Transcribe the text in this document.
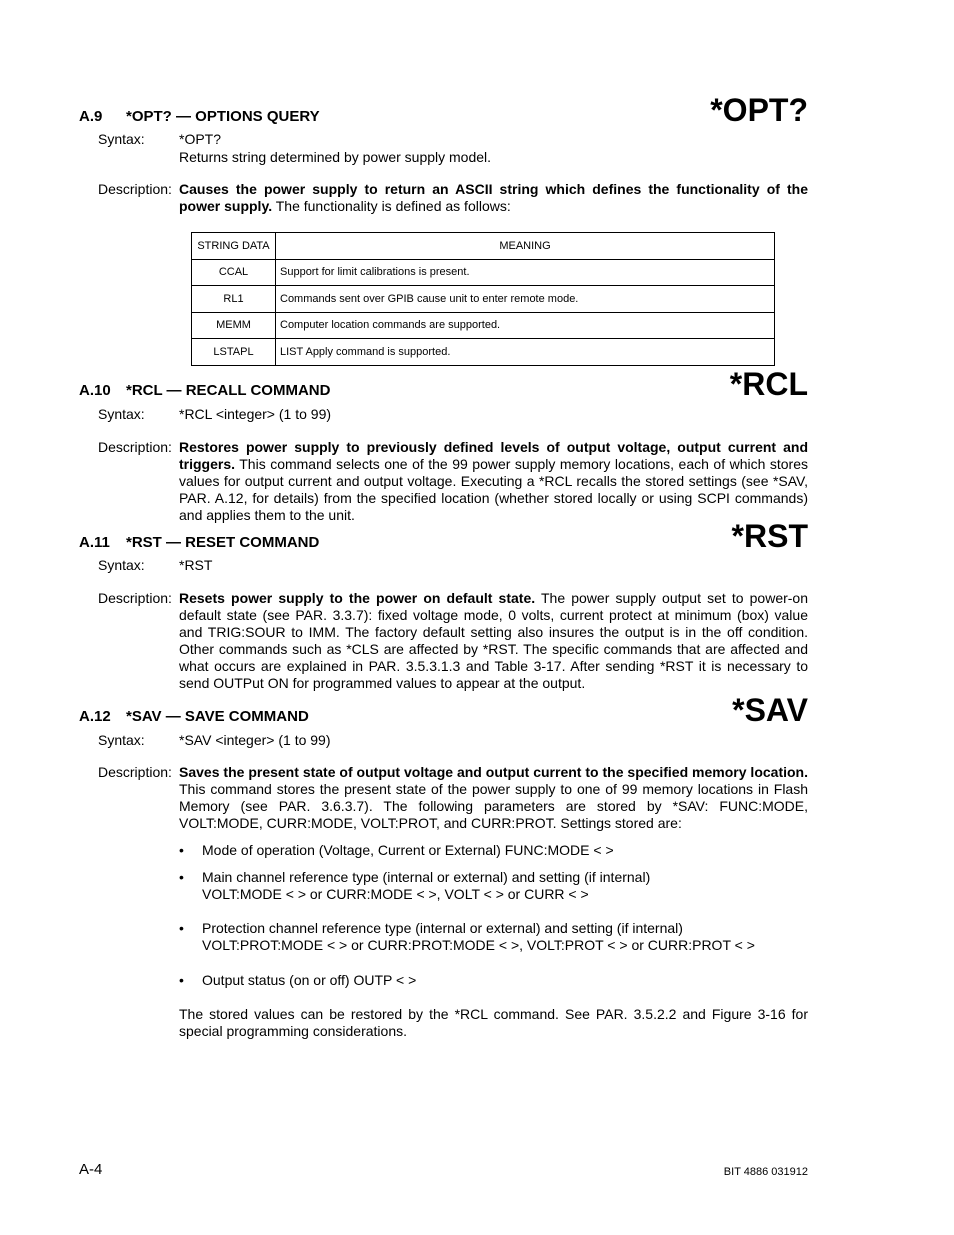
*OPT?
A.9 *OPT? — OPTIONS QUERY
Syntax: *OPT?
Returns string determined by power supply model.
Description: Causes the power supply to return an ASCII string which defines the functionality of the power supply. The functionality is defined as follows:
STRING DATA	MEANING
CCAL	Support for limit calibrations is present.
RL1	Commands sent over GPIB cause unit to enter remote mode.
MEMM	Computer location commands are supported.
LSTAPL	LIST Apply command is supported.
*RCL
A.10 *RCL — RECALL COMMAND
Syntax: *RCL <integer> (1 to 99)
Description: Restores power supply to previously defined levels of output voltage, output current and triggers. This command selects one of the 99 power supply memory locations, each of which stores values for output current and output voltage. Executing a *RCL recalls the stored settings (see *SAV, PAR. A.12, for details) from the specified location (whether stored locally or using SCPI commands) and applies them to the unit.
*RST
A.11 *RST — RESET COMMAND
Syntax: *RST
Description: Resets power supply to the power on default state. The power supply output set to power-on default state (see PAR. 3.3.7): fixed voltage mode, 0 volts, current protect at minimum (box) value and TRIG:SOUR to IMM. The factory default setting also insures the output is in the off condition. Other commands such as *CLS are affected by *RST. The specific commands that are affected and what occurs are explained in PAR. 3.5.3.1.3 and Table 3-17. After sending *RST it is necessary to send OUTPut ON for programmed values to appear at the output.
*SAV
A.12 *SAV — SAVE COMMAND
Syntax: *SAV <integer> (1 to 99)
Description: Saves the present state of output voltage and output current to the specified memory location. This command stores the present state of the power supply to one of 99 memory locations in Flash Memory (see PAR. 3.6.3.7). The following parameters are stored by *SAV: FUNC:MODE, VOLT:MODE, CURR:MODE, VOLT:PROT, and CURR:PROT. Settings stored are:
• Mode of operation (Voltage, Current or External) FUNC:MODE < >
• Main channel reference type (internal or external) and setting (if internal)
VOLT:MODE < > or CURR:MODE < >, VOLT < > or CURR < >
• Protection channel reference type (internal or external) and setting (if internal)
VOLT:PROT:MODE < > or CURR:PROT:MODE < >, VOLT:PROT < > or CURR:PROT < >
• Output status (on or off) OUTP < >
The stored values can be restored by the *RCL command. See PAR. 3.5.2.2 and Figure 3-16 for special programming considerations.
A-4	BIT 4886 031912
